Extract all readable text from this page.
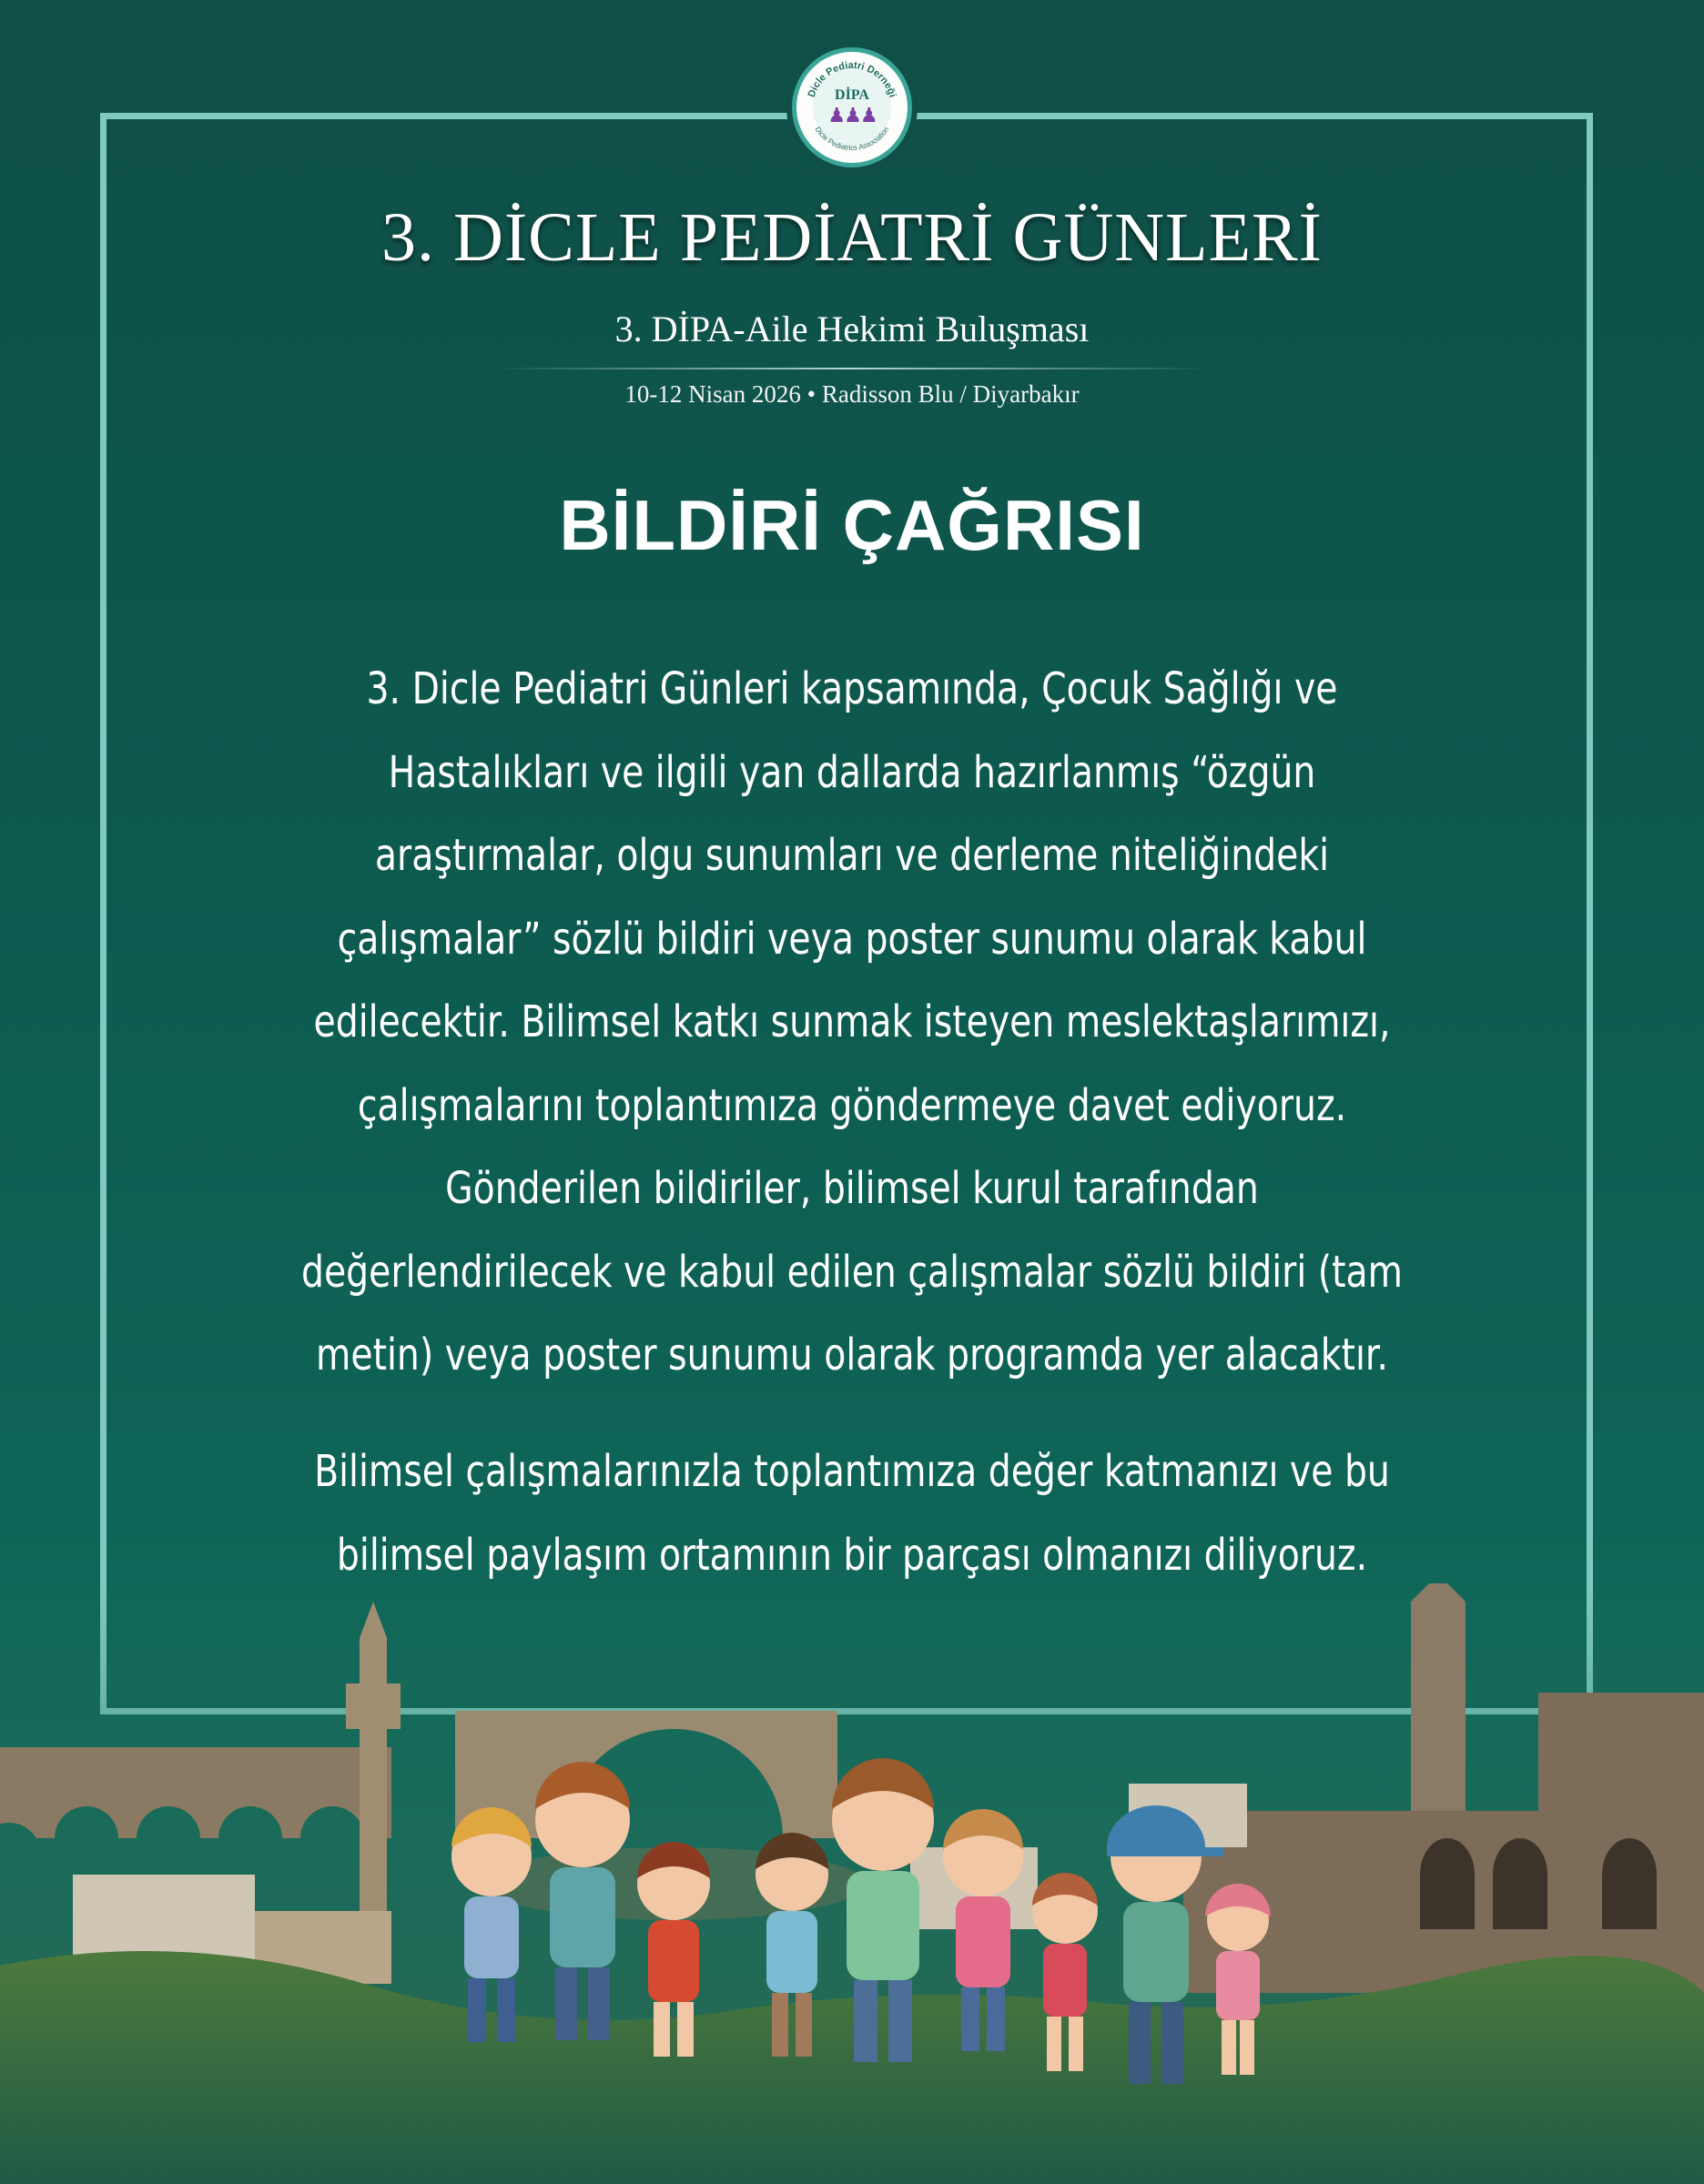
Dicle Pediatri Derneği
Dicle Pediatrics Association
DİPA
♟♟♟
3. DİCLE PEDİATRİ GÜNLERİ
3. DİPA-Aile Hekimi Buluşması
10-12 Nisan 2026 • Radisson Blu / Diyarbakır
BİLDİRİ ÇAĞRISI
3. Dicle Pediatri Günleri kapsamında, Çocuk Sağlığı ve
Hastalıkları ve ilgili yan dallarda hazırlanmış “özgün
araştırmalar, olgu sunumları ve derleme niteliğindeki
çalışmalar” sözlü bildiri veya poster sunumu olarak kabul
edilecektir. Bilimsel katkı sunmak isteyen meslektaşlarımızı,
çalışmalarını toplantımıza göndermeye davet ediyoruz.
Gönderilen bildiriler, bilimsel kurul tarafından
değerlendirilecek ve kabul edilen çalışmalar sözlü bildiri (tam
metin) veya poster sunumu olarak programda yer alacaktır.
Bilimsel çalışmalarınızla toplantımıza değer katmanızı ve bu
bilimsel paylaşım ortamının bir parçası olmanızı diliyoruz.
